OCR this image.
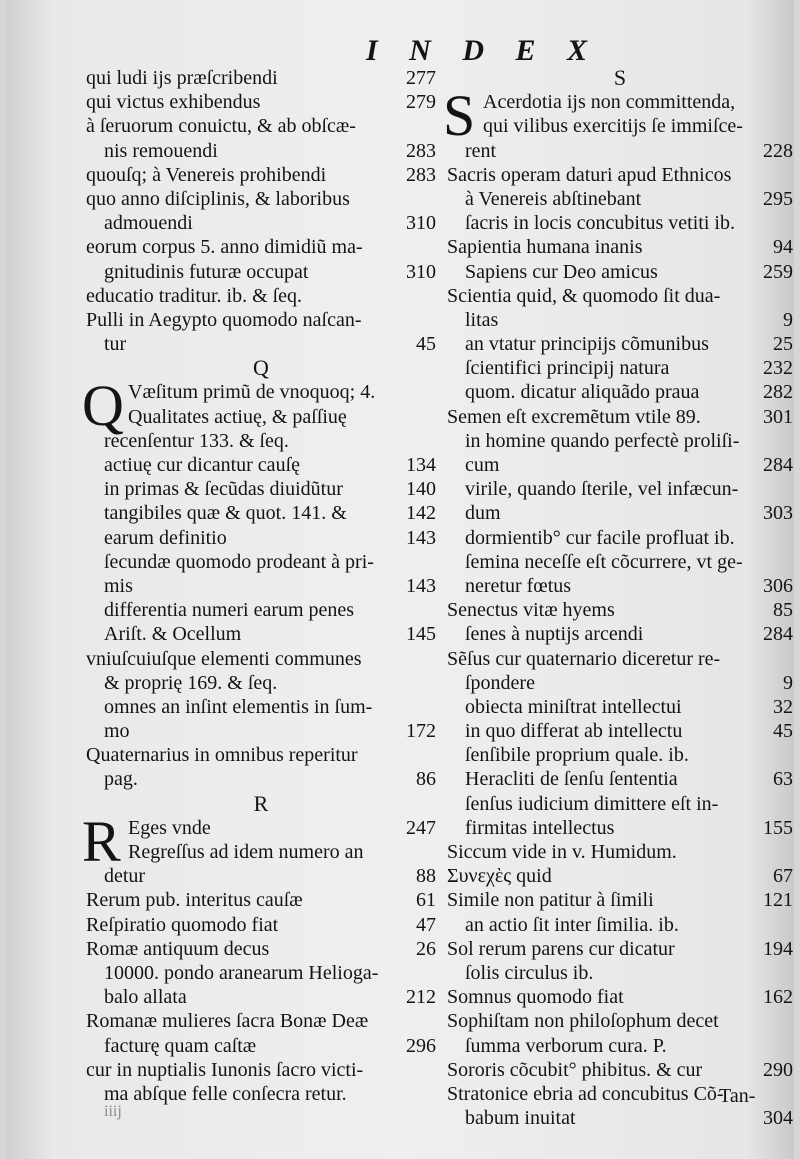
I N D E X
qui ludi ijs præſcribendi	277
qui victus exhibendus	279
à ſeruorum conuictu, & ab obſcæ-
nis remouendi	283
quouſq; à Venereis prohibendi	283
quo anno diſciplinis, & laboribus
admouendi	310
eorum corpus 5. anno dimidiũ ma-
gnitudinis futuræ occupat	310
educatio traditur. ib. & ſeq.
Pulli in Aegypto quomodo naſcan-
tur	45
Q
Q Væſitum primũ de vnoquoq; 4.
Qualitates actiuę, & paſſiuę
recenſentur 133. & ſeq.
actiuę cur dicantur cauſę	134
in primas & ſecũdas diuidũtur	140
tangibiles quæ & quot. 141. &	142
earum definitio	143
ſecundæ quomodo prodeant à pri-
mis	143
differentia numeri earum penes
Ariſt. & Ocellum	145
vniuſcuiuſque elementi communes
& proprię 169. & ſeq.
omnes an inſint elementis in ſum-
mo	172
Quaternarius in omnibus reperitur
pag.	86
R
R Eges vnde	247
Regreſſus ad idem numero an
detur	88
Rerum pub. interitus cauſæ	61
Reſpiratio quomodo fiat	47
Romæ antiquum decus	26
10000. pondo aranearum Helioga-
balo allata	212
Romanæ mulieres ſacra Bonæ Deæ
facturę quam caſtæ	296
cur in nuptialis Iunonis ſacro victi-
ma abſque felle conſecra retur.
S
S Acerdotia ijs non committenda,
qui vilibus exercitijs ſe immiſce-
rent	228
Sacris operam daturi apud Ethnicos
à Venereis abſtinebant	295
ſacris in locis concubitus vetiti ib.
Sapientia humana inanis	94
Sapiens cur Deo amicus	259
Scientia quid, & quomodo ſit dua-
litas	9
an vtatur principijs cõmunibus	25
ſcientifici principij natura	232
quom. dicatur aliquãdo praua	282
Semen eſt excremẽtum vtile 89.	301
in homine quando perfectè proliſi-
cum	284
virile, quando ſterile, vel infæcun-
dum	303
dormientib° cur facile profluat ib.
ſemina neceſſe eſt cõcurrere, vt ge-
neretur fœtus	306
Senectus vitæ hyems	85
ſenes à nuptijs arcendi	284
Sẽſus cur quaternario diceretur re-
ſpondere	9
obiecta miniſtrat intellectui	32
in quo differat ab intellectu	45
ſenſibile proprium quale. ib.
Heracliti de ſenſu ſententia	63
ſenſus iudicium dimittere eſt in-
firmitas intellectus	155
Siccum vide in v. Humidum.
Συνεχὲς quid	67
Simile non patitur à ſimili	121
an actio ſit inter ſimilia. ib.
Sol rerum parens cur dicatur	194
ſolis circulus ib.
Somnus quomodo fiat	162
Sophiſtam non philoſophum decet
ſumma verborum cura. P.
Sororis cõcubit° phibitus. & cur	290
Stratonice ebria ad concubitus Cõ-
babum inuitat	304
iiij
Tan-
